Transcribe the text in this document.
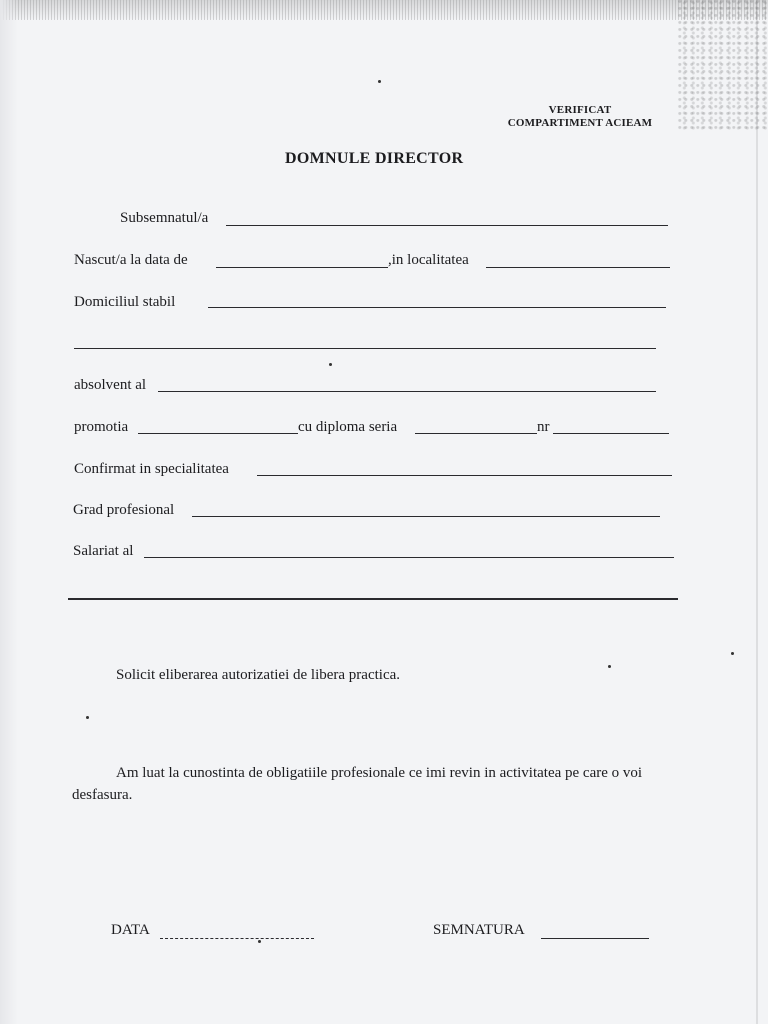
VERIFICAT
COMPARTIMENT ACIEAM
DOMNULE DIRECTOR
Subsemnatul/a
Nascut/a la data de	,in localitatea
Domiciliul stabil
absolvent al
promotia	cu diploma seria	nr
Confirmat in specialitatea
Grad profesional
Salariat al
Solicit eliberarea autorizatiei de libera practica.
Am luat la cunostinta de obligatiile profesionale ce imi revin in activitatea pe care o voi desfasura.
DATA	SEMNATURA
